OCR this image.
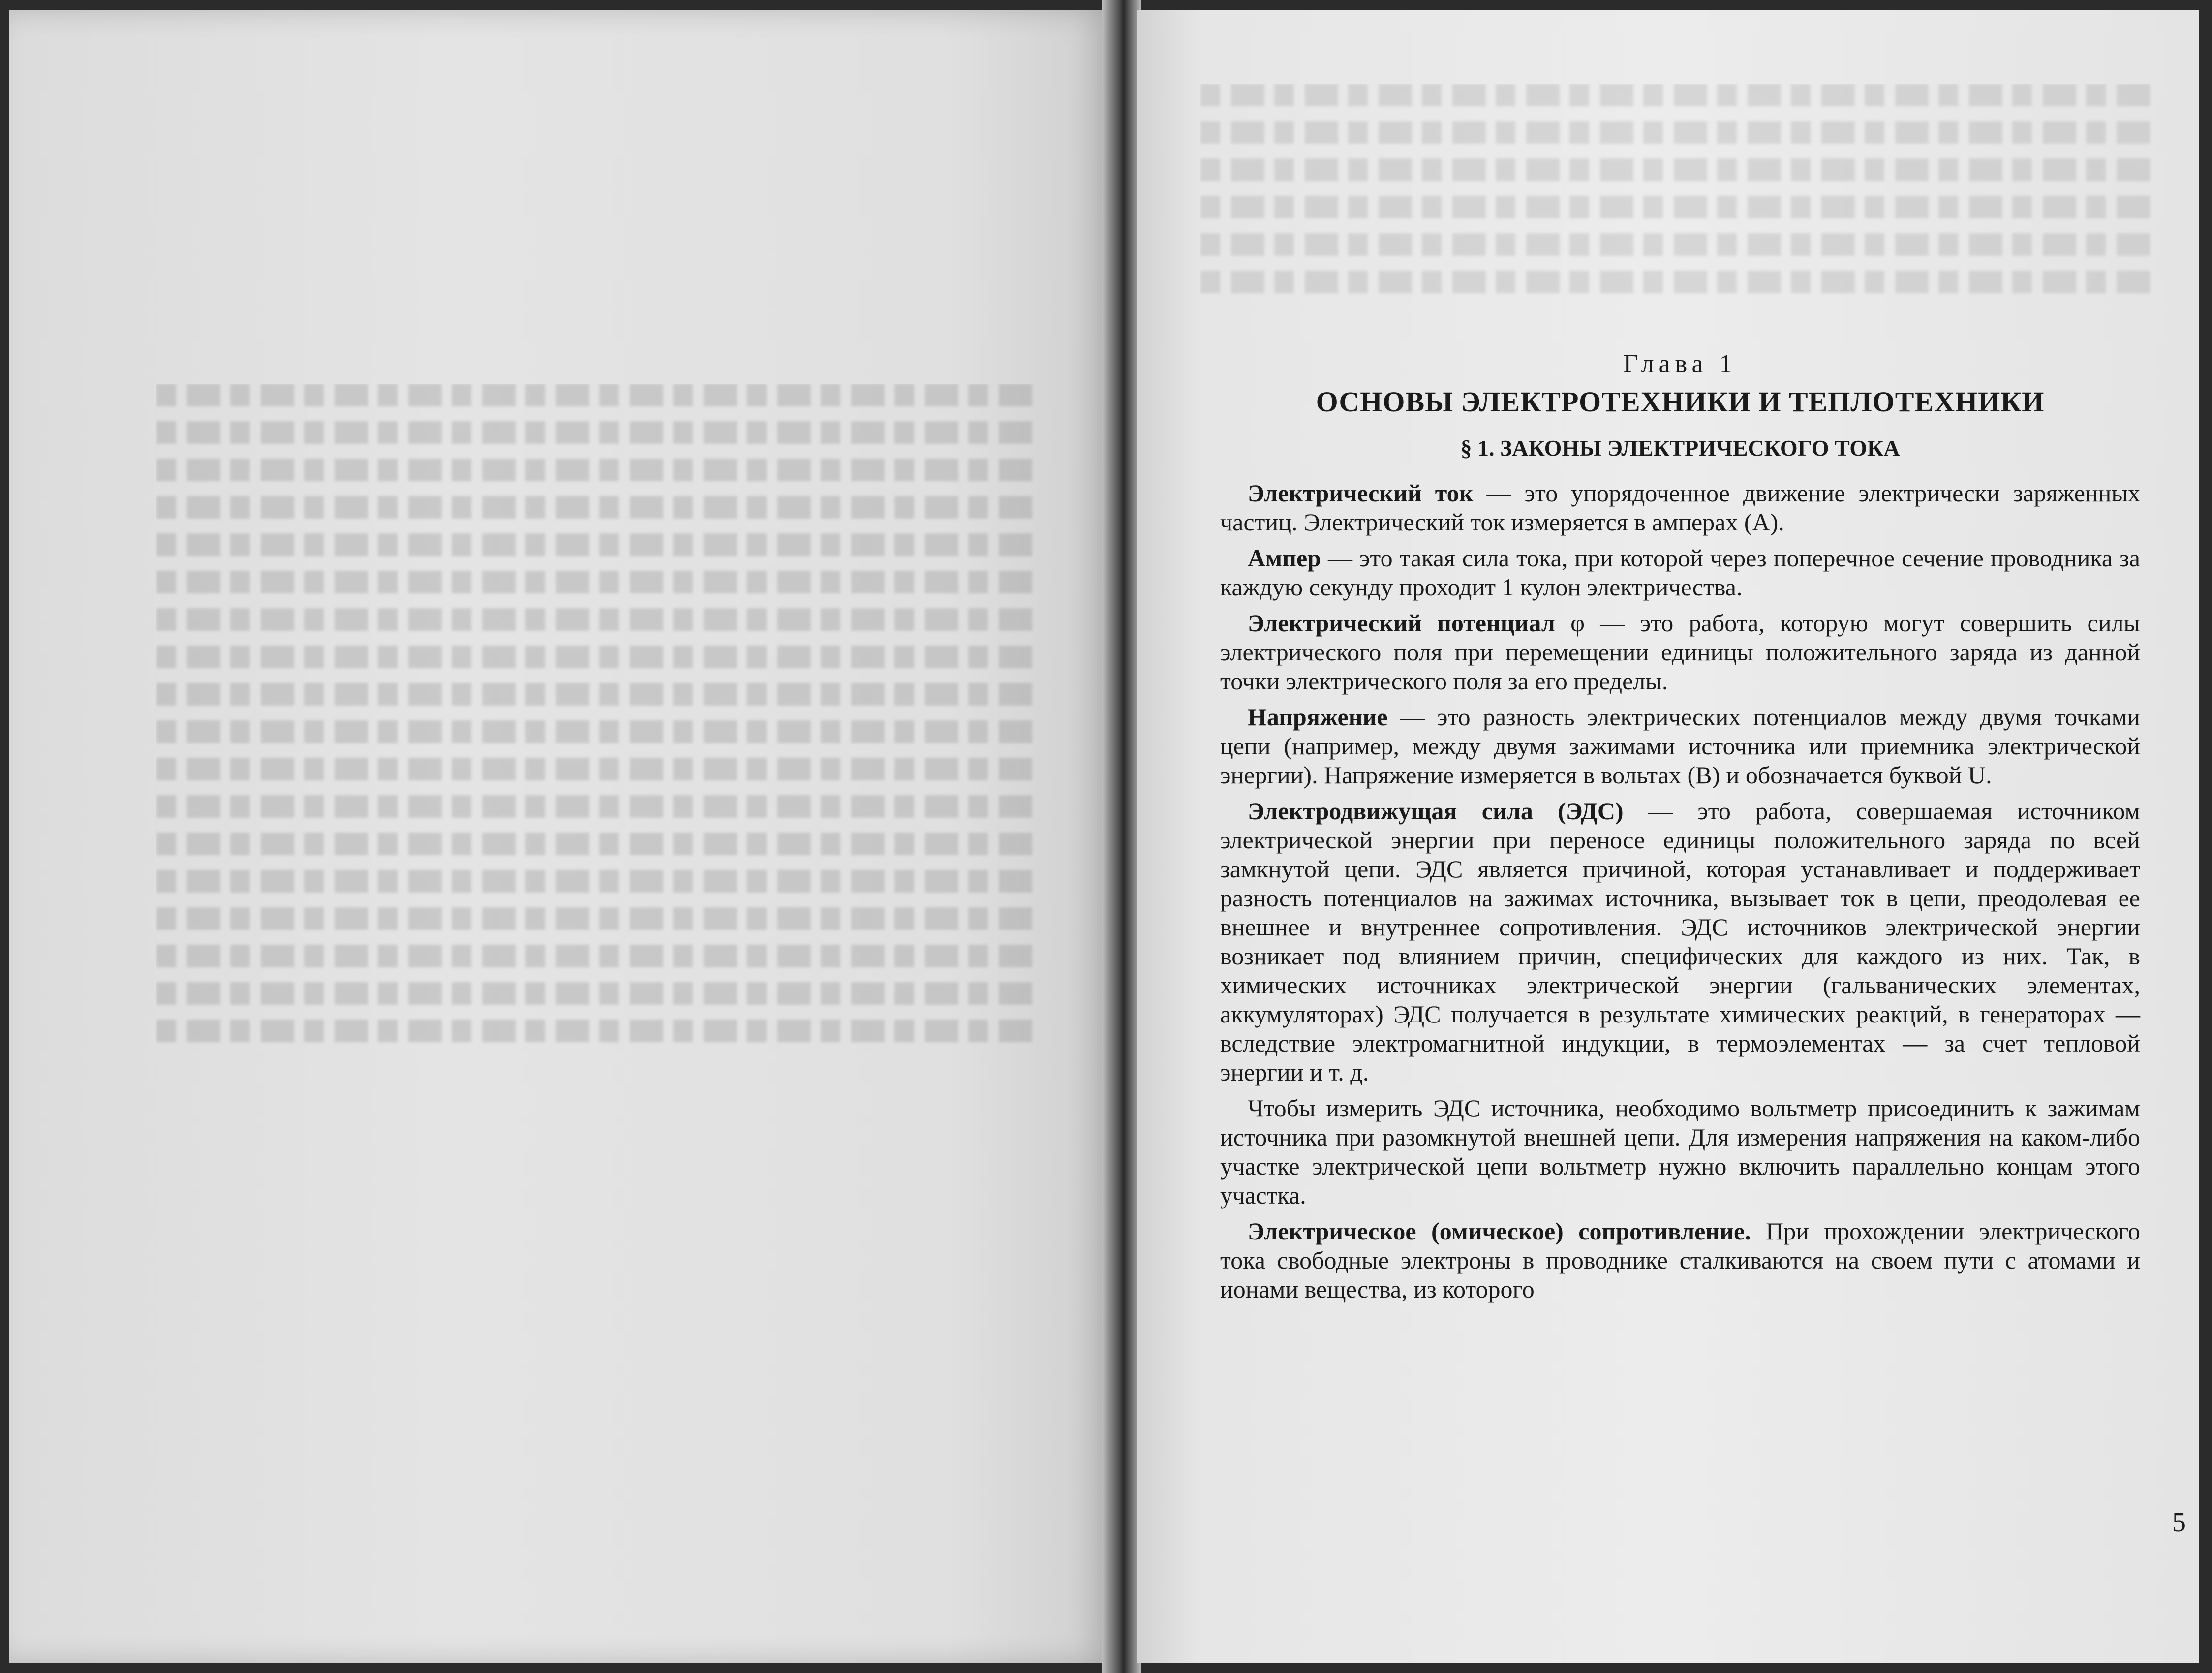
Глава 1
ОСНОВЫ ЭЛЕКТРОТЕХНИКИ И ТЕПЛОТЕХНИКИ
§ 1. ЗАКОНЫ ЭЛЕКТРИЧЕСКОГО ТОКА

Электрический ток — это упорядоченное движение электрически заряженных частиц. Электрический ток измеряется в амперах (А).

Ампер — это такая сила тока, при которой через поперечное сечение проводника за каждую секунду проходит 1 кулон электричества.

Электрический потенциал φ — это работа, которую могут совершить силы электрического поля при перемещении единицы положительного заряда из данной точки электрического поля за его пределы.

Напряжение — это разность электрических потенциалов между двумя точками цепи (например, между двумя зажимами источника или приемника электрической энергии). Напряжение измеряется в вольтах (В) и обозначается буквой U.

Электродвижущая сила (ЭДС) — это работа, совершаемая источником электрической энергии при переносе единицы положительного заряда по всей замкнутой цепи. ЭДС является причиной, которая устанавливает и поддерживает разность потенциалов на зажимах источника, вызывает ток в цепи, преодолевая ее внешнее и внутреннее сопротивления. ЭДС источников электрической энергии возникает под влиянием причин, специфических для каждого из них. Так, в химических источниках электрической энергии (гальванических элементах, аккумуляторах) ЭДС получается в результате химических реакций, в генераторах — вследствие электромагнитной индукции, в термоэлементах — за счет тепловой энергии и т. д.

Чтобы измерить ЭДС источника, необходимо вольтметр присоединить к зажимам источника при разомкнутой внешней цепи. Для измерения напряжения на каком-либо участке электрической цепи вольтметр нужно включить параллельно концам этого участка.

Электрическое (омическое) сопротивление. При прохождении электрического тока свободные электроны в проводнике сталкиваются на своем пути с атомами и ионами вещества, из которого

5
